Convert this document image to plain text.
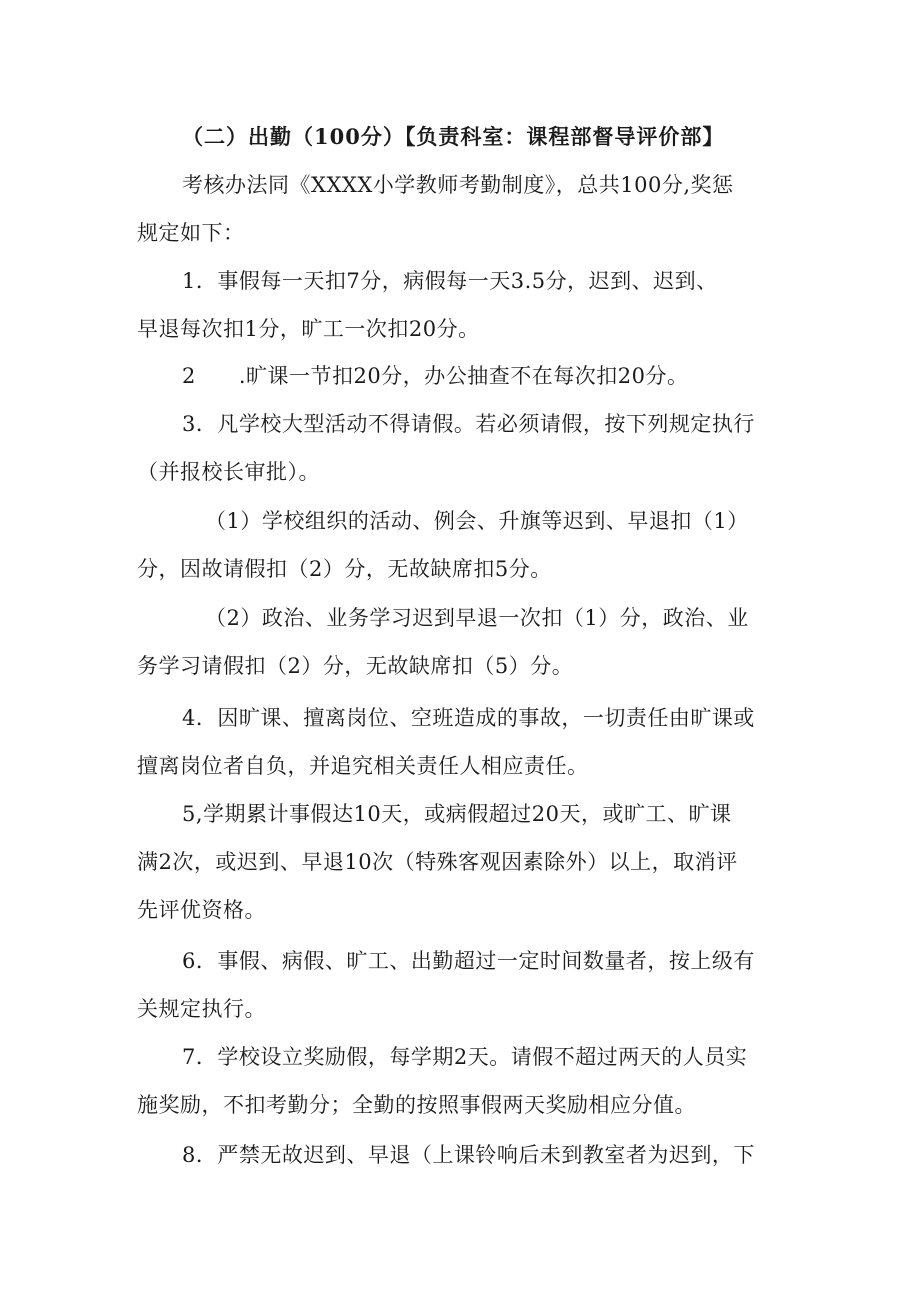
（二）出勤（100分）【负责科室：课程部督导评价部】
考核办法同《XXXX小学教师考勤制度》，总共100分,奖惩
规定如下：
1．事假每一天扣7分，病假每一天3.5分，迟到、迟到、
早退每次扣1分，旷工一次扣20分。
2　　.旷课一节扣20分，办公抽查不在每次扣20分。
3．凡学校大型活动不得请假。若必须请假，按下列规定执行
（并报校长审批）。
（1）学校组织的活动、例会、升旗等迟到、早退扣（1）
分，因故请假扣（2）分，无故缺席扣5分。
（2）政治、业务学习迟到早退一次扣（1）分，政治、业
务学习请假扣（2）分，无故缺席扣（5）分。
4．因旷课、擅离岗位、空班造成的事故，一切责任由旷课或
擅离岗位者自负，并追究相关责任人相应责任。
5,学期累计事假达10天，或病假超过20天，或旷工、旷课
满2次，或迟到、早退10次（特殊客观因素除外）以上，取消评
先评优资格。
6．事假、病假、旷工、出勤超过一定时间数量者，按上级有
关规定执行。
7．学校设立奖励假，每学期2天。请假不超过两天的人员实
施奖励，不扣考勤分；全勤的按照事假两天奖励相应分值。
8．严禁无故迟到、早退（上课铃响后未到教室者为迟到，下
